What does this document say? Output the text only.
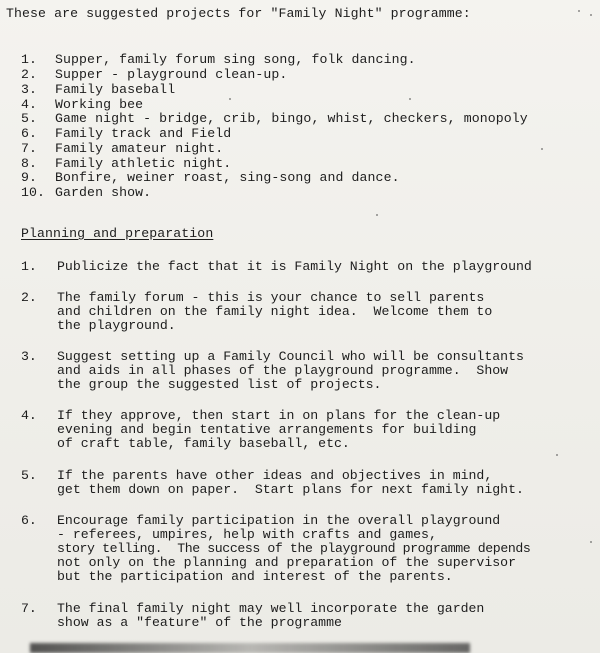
These are suggested projects for "Family Night" programme:
1. Supper, family forum sing song, folk dancing.
2. Supper - playground clean-up.
3. Family baseball
4. Working bee
5. Game night - bridge, crib, bingo, whist, checkers, monopoly
6. Family track and Field
7. Family amateur night.
8. Family athletic night.
9. Bonfire, weiner roast, sing-song and dance.
10. Garden show.
Planning and preparation
1. Publicize the fact that it is Family Night on the playground
2. The family forum - this is your chance to sell parents
and children on the family night idea.  Welcome them to
the playground.
3. Suggest setting up a Family Council who will be consultants
and aids in all phases of the playground programme.  Show
the group the suggested list of projects.
4. If they approve, then start in on plans for the clean-up
evening and begin tentative arrangements for building
of craft table, family baseball, etc.
5. If the parents have other ideas and objectives in mind,
get them down on paper.  Start plans for next family night.
6. Encourage family participation in the overall playground
- referees, umpires, help with crafts and games,
story telling.  The success of the playground programme depends
not only on the planning and preparation of the supervisor
but the participation and interest of the parents.
7. The final family night may well incorporate the garden
show as a "feature" of the programme
